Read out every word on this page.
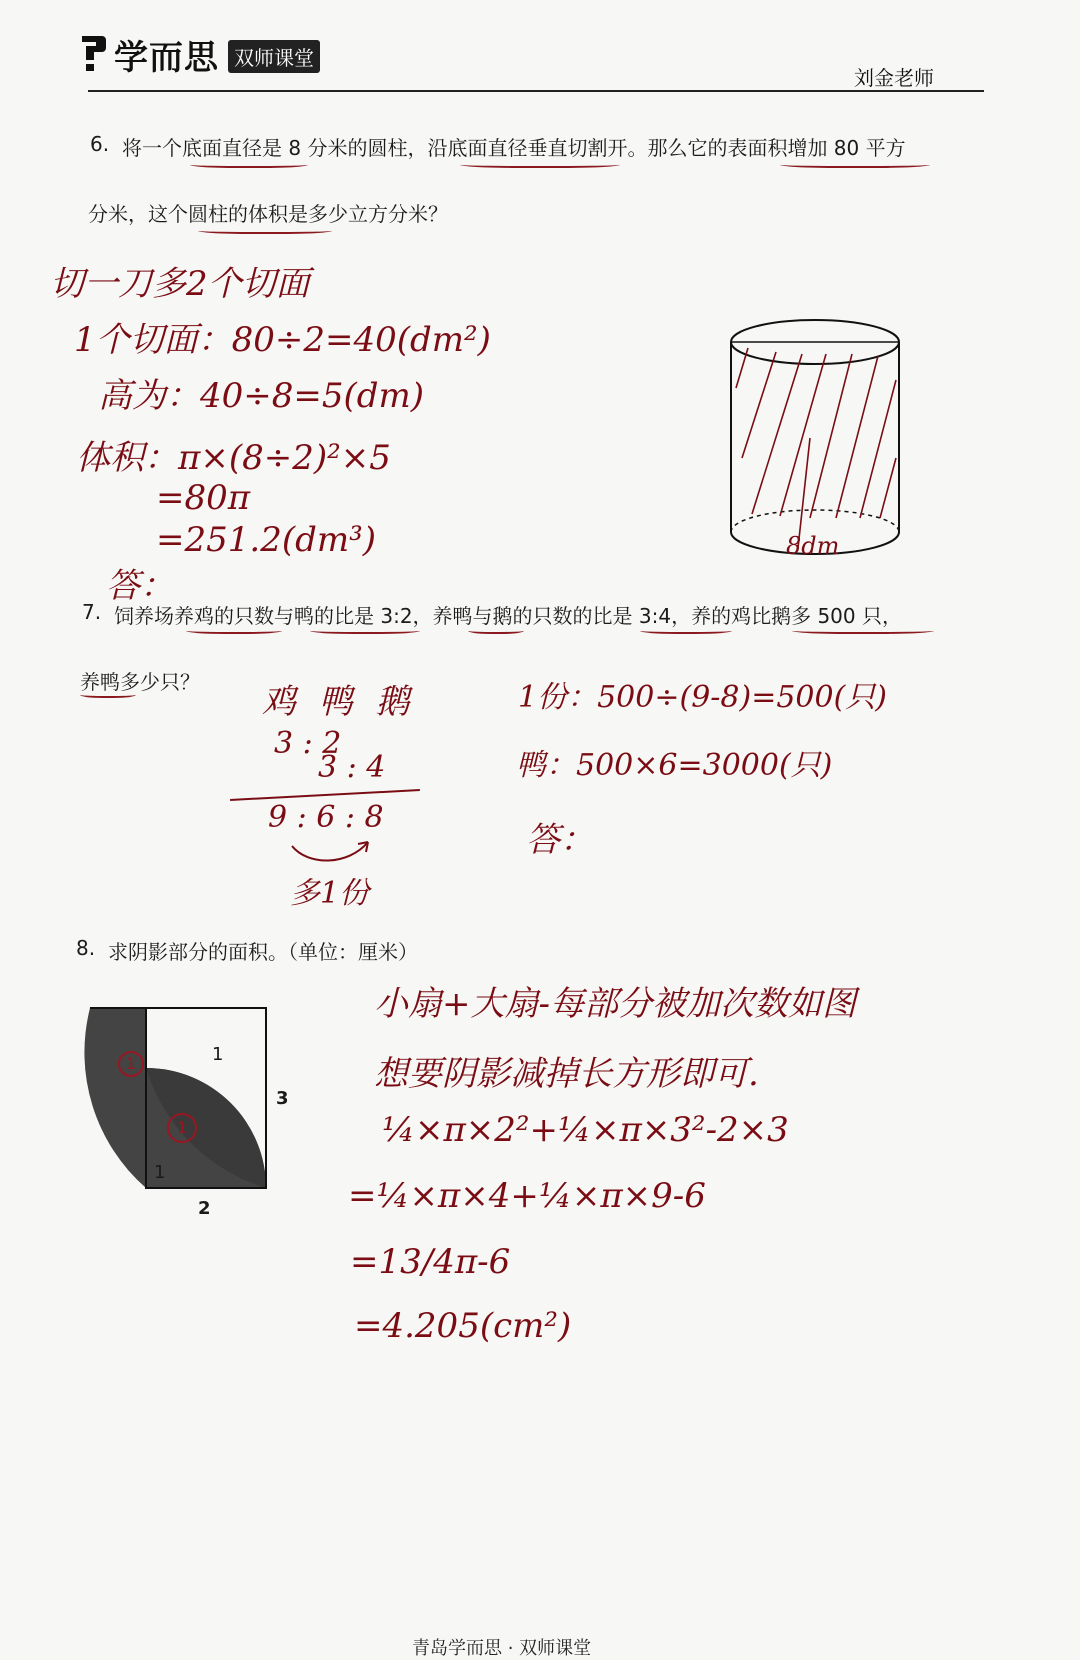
学而思 双师课堂
刘金老师
6. 将一个底面直径是 8 分米的圆柱，沿底面直径垂直切割开。那么它的表面积增加 80 平方
分米，这个圆柱的体积是多少立方分米？
切一刀多2个切面
1个切面：80÷2=40(dm²)
高为：40÷8=5(dm)
体积：π×(8÷2)²×5
=80π
=251.2(dm³)
答：
8dm
7. 饲养场养鸡的只数与鸭的比是 3:2，养鸭与鹅的只数的比是 3:4，养的鸡比鹅多 500 只，
养鸭多少只？ 鸡 鸭 鹅
3 : 2
3 : 4
9 : 6 : 8
多1份
1份：500÷(9-8)=500(只)
鸭：500×6=3000(只)
答：
8. 求阴影部分的面积。（单位：厘米）
1
3
1
2
1
1
小扇+大扇-每部分被加次数如图
想要阴影减掉长方形即可.
¼×π×2²+¼×π×3²-2×3
=¼×π×4+¼×π×9-6
=13/4π-6
=4.205(cm²)
青岛学而思 · 双师课堂
